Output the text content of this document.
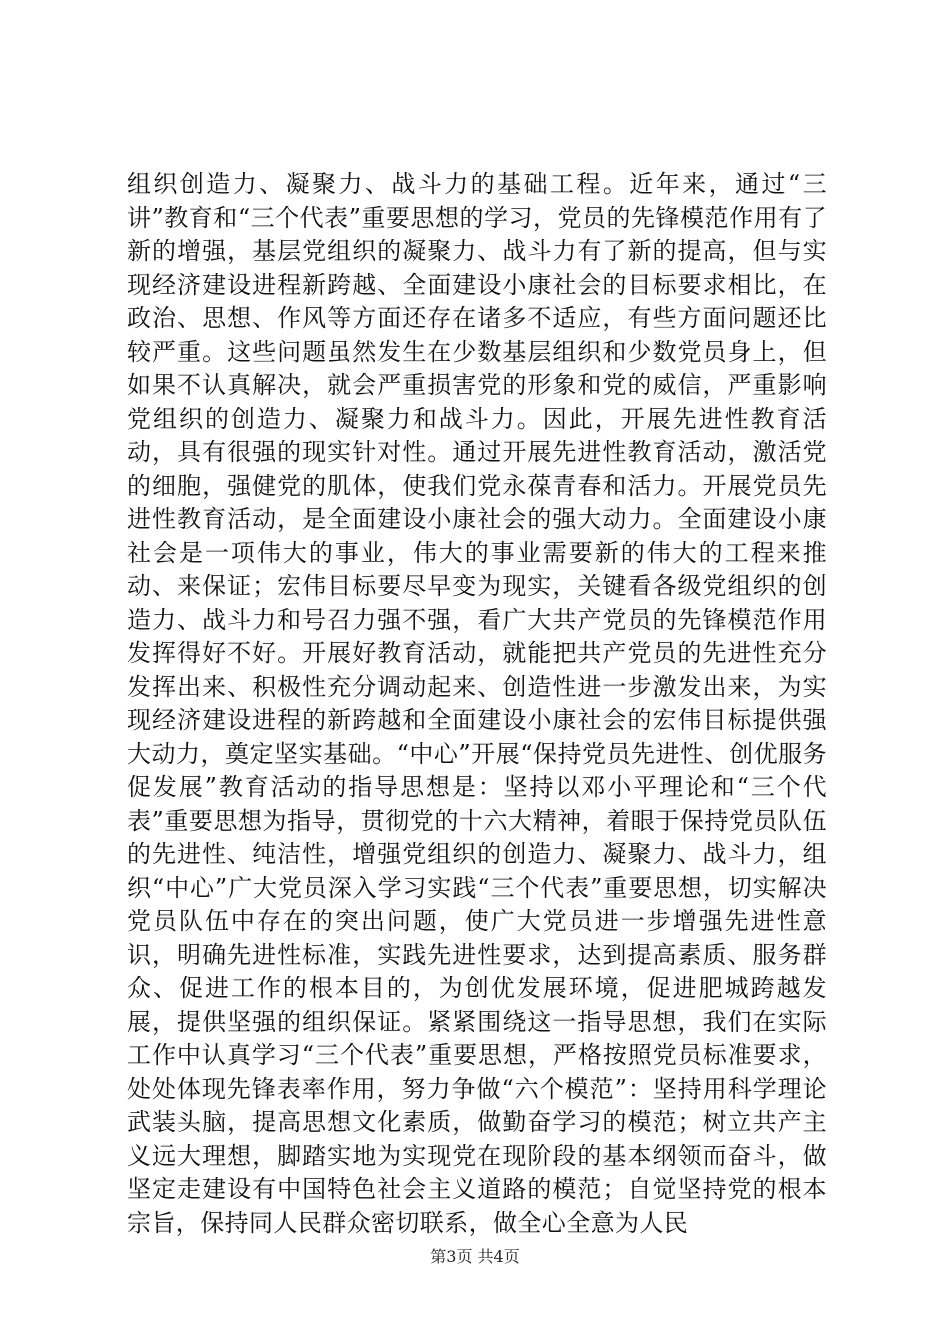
组织创造力、凝聚力、战斗力的基础工程。近年来，通过“三讲”教育和“三个代表”重要思想的学习，党员的先锋模范作用有了新的增强，基层党组织的凝聚力、战斗力有了新的提高，但与实现经济建设进程新跨越、全面建设小康社会的目标要求相比，在政治、思想、作风等方面还存在诸多不适应，有些方面问题还比较严重。这些问题虽然发生在少数基层组织和少数党员身上，但如果不认真解决，就会严重损害党的形象和党的威信，严重影响党组织的创造力、凝聚力和战斗力。因此，开展先进性教育活动，具有很强的现实针对性。通过开展先进性教育活动，激活党的细胞，强健党的肌体，使我们党永葆青春和活力。开展党员先进性教育活动，是全面建设小康社会的强大动力。全面建设小康社会是一项伟大的事业，伟大的事业需要新的伟大的工程来推动、来保证；宏伟目标要尽早变为现实，关键看各级党组织的创造力、战斗力和号召力强不强，看广大共产党员的先锋模范作用发挥得好不好。开展好教育活动，就能把共产党员的先进性充分发挥出来、积极性充分调动起来、创造性进一步激发出来，为实现经济建设进程的新跨越和全面建设小康社会的宏伟目标提供强大动力，奠定坚实基础。“中心”开展“保持党员先进性、创优服务促发展”教育活动的指导思想是：坚持以邓小平理论和“三个代表”重要思想为指导，贯彻党的十六大精神，着眼于保持党员队伍的先进性、纯洁性，增强党组织的创造力、凝聚力、战斗力，组织“中心”广大党员深入学习实践“三个代表”重要思想，切实解决党员队伍中存在的突出问题，使广大党员进一步增强先进性意识，明确先进性标准，实践先进性要求，达到提高素质、服务群众、促进工作的根本目的，为创优发展环境，促进肥城跨越发展，提供坚强的组织保证。紧紧围绕这一指导思想，我们在实际工作中认真学习“三个代表”重要思想，严格按照党员标准要求，处处体现先锋表率作用，努力争做“六个模范”：坚持用科学理论武装头脑，提高思想文化素质，做勤奋学习的模范；树立共产主义远大理想，脚踏实地为实现党在现阶段的基本纲领而奋斗，做坚定走建设有中国特色社会主义道路的模范；自觉坚持党的根本宗旨，保持同人民群众密切联系，做全心全意为人民

第3页 共4页
